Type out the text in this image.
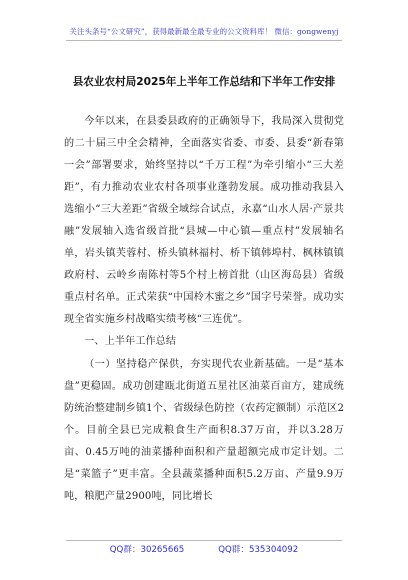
关注头条号“公文研究”，获得最新最全最专业的公文资料库！ 微信：gongwenyj
县农业农村局2025年上半年工作总结和下半年工作安排

今年以来，在县委县政府的正确领导下，我局深入贯彻党的二十届三中全会精神，全面落实省委、市委、县委“新春第一会”部署要求，始终坚持以“千万工程”为牵引缩小“三大差距”，有力推动农业农村各项事业蓬勃发展。成功推动我县入选缩小“三大差距”省级全域综合试点，永嘉“山水人居·产景共融”发展轴入选省级首批“县城—中心镇—重点村”发展轴名单，岩头镇芙蓉村、桥头镇林福村、桥下镇韩埠村、枫林镇镇政府村、云岭乡南陈村等5个村上榜首批（山区海岛县）省级重点村名单。正式荣获“中国柃木蜜之乡”国字号荣誉。成功实现全省实施乡村战略实绩考核“三连优”。

一、上半年工作总结

（一）坚持稳产保供，夯实现代农业新基础。一是“基本盘”更稳固。成功创建瓯北街道五星社区油菜百亩方，建成统防统治整建制乡镇1个、省级绿色防控（农药定额制）示范区2个。目前全县已完成粮食生产面积8.37万亩，并以3.28万亩、0.45万吨的油菜播种面积和产量超额完成市定计划。二是“菜篮子”更丰富。全县蔬菜播种面积5.2万亩、产量9.9万吨，粮肥产量2900吨，同比增长

QQ群：30265665	QQ群：535304092
